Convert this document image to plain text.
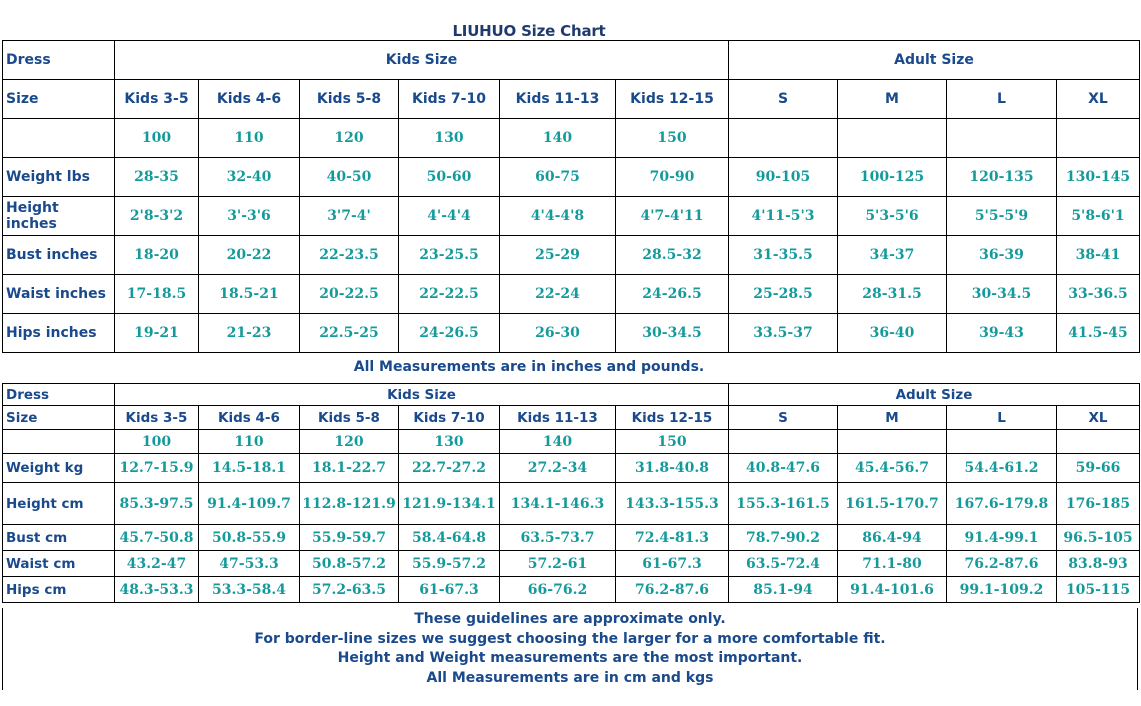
LIUHUO Size Chart
Dress	Kids Size						Adult Size			
Size	Kids 3-5	Kids 4-6	Kids 5-8	Kids 7-10	Kids 11-13	Kids 12-15	S	M	L	XL
	100	110	120	130	140	150				
Weight lbs	28-35	32-40	40-50	50-60	60-75	70-90	90-105	100-125	120-135	130-145
Height inches	2'8-3'2	3'-3'6	3'7-4'	4'-4'4	4'4-4'8	4'7-4'11	4'11-5'3	5'3-5'6	5'5-5'9	5'8-6'1
Bust inches	18-20	20-22	22-23.5	23-25.5	25-29	28.5-32	31-35.5	34-37	36-39	38-41
Waist inches	17-18.5	18.5-21	20-22.5	22-22.5	22-24	24-26.5	25-28.5	28-31.5	30-34.5	33-36.5
Hips inches	19-21	21-23	22.5-25	24-26.5	26-30	30-34.5	33.5-37	36-40	39-43	41.5-45
All Measurements are in inches and pounds.
Dress	Kids Size						Adult Size			
Size	Kids 3-5	Kids 4-6	Kids 5-8	Kids 7-10	Kids 11-13	Kids 12-15	S	M	L	XL
	100	110	120	130	140	150				
Weight kg	12.7-15.9	14.5-18.1	18.1-22.7	22.7-27.2	27.2-34	31.8-40.8	40.8-47.6	45.4-56.7	54.4-61.2	59-66
Height cm	85.3-97.5	91.4-109.7	112.8-121.9	121.9-134.1	134.1-146.3	143.3-155.3	155.3-161.5	161.5-170.7	167.6-179.8	176-185
Bust cm	45.7-50.8	50.8-55.9	55.9-59.7	58.4-64.8	63.5-73.7	72.4-81.3	78.7-90.2	86.4-94	91.4-99.1	96.5-105
Waist cm	43.2-47	47-53.3	50.8-57.2	55.9-57.2	57.2-61	61-67.3	63.5-72.4	71.1-80	76.2-87.6	83.8-93
Hips cm	48.3-53.3	53.3-58.4	57.2-63.5	61-67.3	66-76.2	76.2-87.6	85.1-94	91.4-101.6	99.1-109.2	105-115
These guidelines are approximate only.
For border-line sizes we suggest choosing the larger for a more comfortable fit.
Height and Weight measurements are the most important.
All Measurements are in cm and kgs
